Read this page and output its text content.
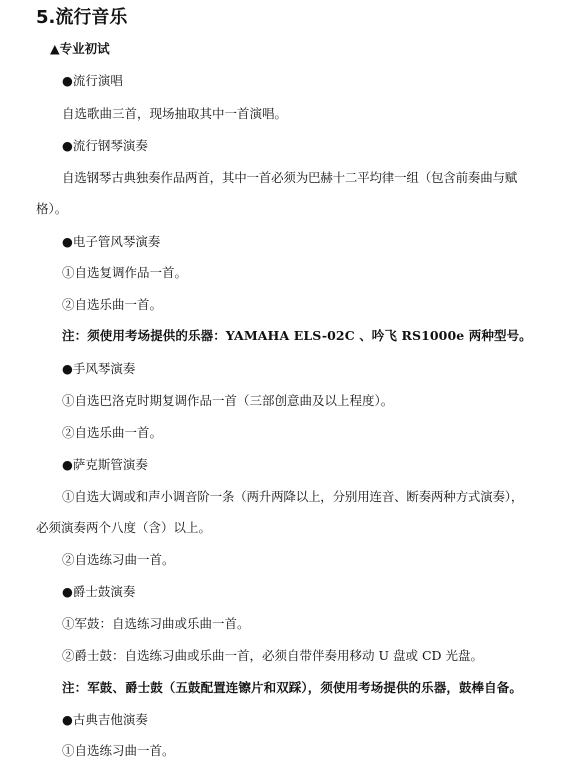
5.流行音乐
▲专业初试
●流行演唱
自选歌曲三首，现场抽取其中一首演唱。
●流行钢琴演奏
自选钢琴古典独奏作品两首，其中一首必须为巴赫十二平均律一组（包含前奏曲与赋
格）。
●电子管风琴演奏
①自选复调作品一首。
②自选乐曲一首。
注：须使用考场提供的乐器：YAMAHA ELS-02C 、吟飞 RS1000e 两种型号。
●手风琴演奏
①自选巴洛克时期复调作品一首（三部创意曲及以上程度）。
②自选乐曲一首。
●萨克斯管演奏
①自选大调或和声小调音阶一条（两升两降以上，分别用连音、断奏两种方式演奏），
必须演奏两个八度（含）以上。
②自选练习曲一首。
●爵士鼓演奏
①军鼓：自选练习曲或乐曲一首。
②爵士鼓：自选练习曲或乐曲一首，必须自带伴奏用移动 U 盘或 CD 光盘。
注：军鼓、爵士鼓（五鼓配置连镲片和双踩），须使用考场提供的乐器，鼓棒自备。
●古典吉他演奏
①自选练习曲一首。
